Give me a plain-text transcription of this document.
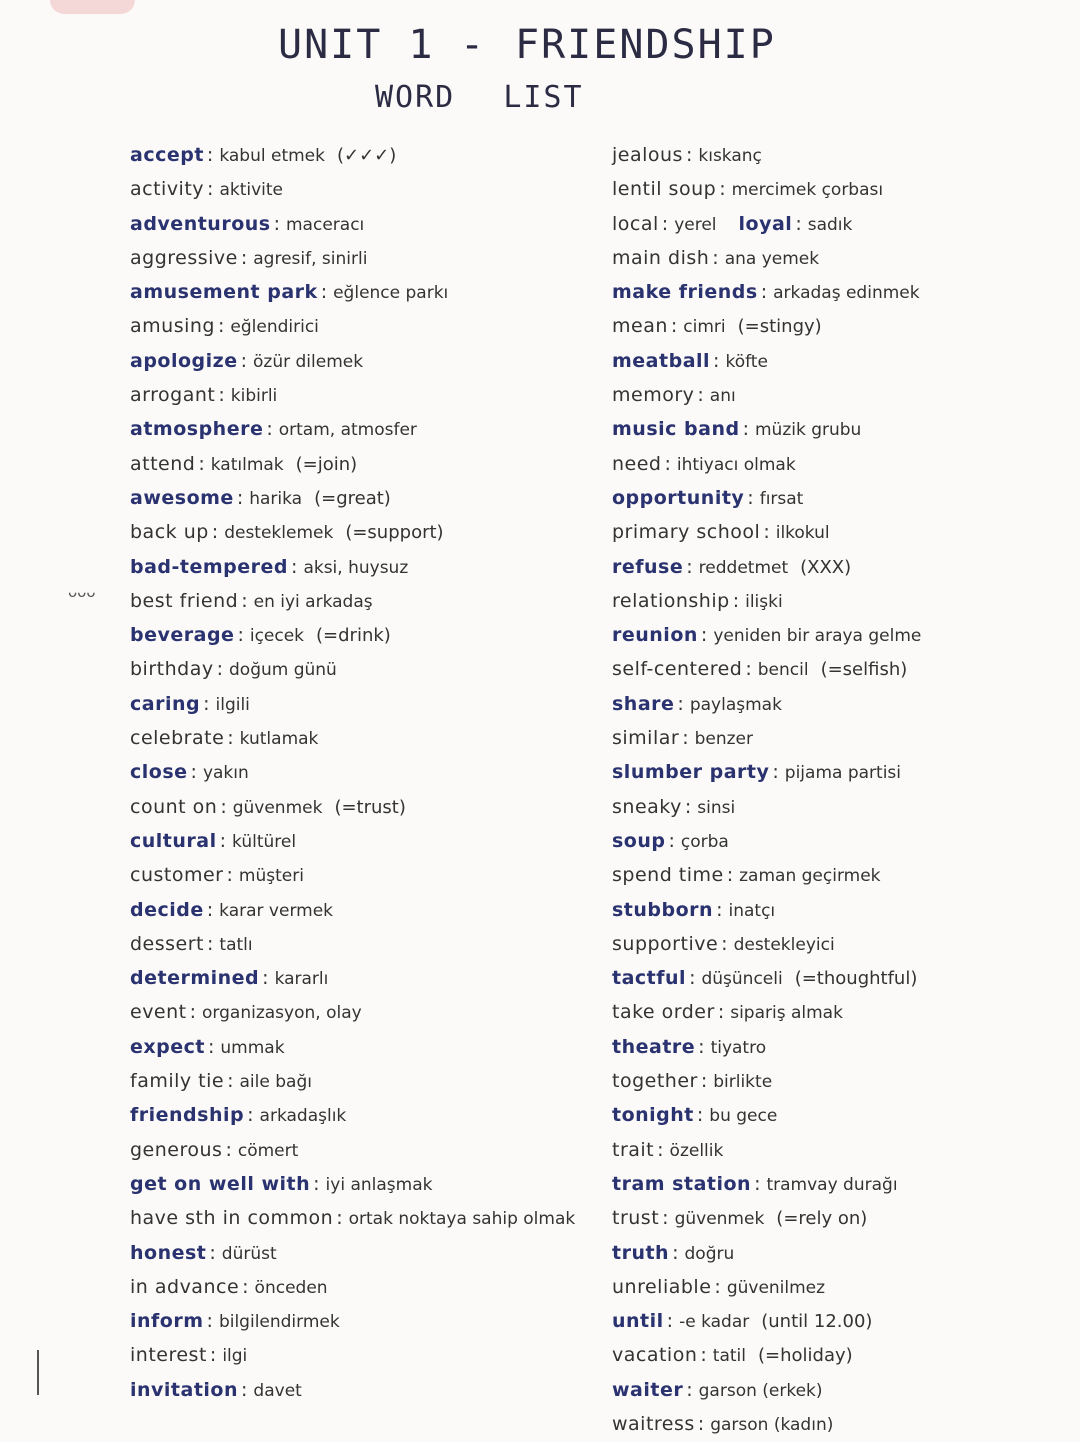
UNIT 1 - FRIENDSHIP
WORD LIST
ᴗᴗᴗ
accept : kabul etmek (✓✓✓)
activity : aktivite
adventurous : maceracı
aggressive : agresif, sinirli
amusement park : eğlence parkı
amusing : eğlendirici
apologize : özür dilemek
arrogant : kibirli
atmosphere : ortam, atmosfer
attend : katılmak (=join)
awesome : harika (=great)
back up : desteklemek (=support)
bad-tempered : aksi, huysuz
best friend : en iyi arkadaş
beverage : içecek (=drink)
birthday : doğum günü
caring : ilgili
celebrate : kutlamak
close : yakın
count on : güvenmek (=trust)
cultural : kültürel
customer : müşteri
decide : karar vermek
dessert : tatlı
determined : kararlı
event : organizasyon, olay
expect : ummak
family tie : aile bağı
friendship : arkadaşlık
generous : cömert
get on well with : iyi anlaşmak
have sth in common : ortak noktaya sahip olmak
honest : dürüst
in advance : önceden
inform : bilgilendirmek
interest : ilgi
invitation : davet
jealous : kıskanç
lentil soup : mercimek çorbası
local : yerel loyal : sadık
main dish : ana yemek
make friends : arkadaş edinmek
mean : cimri (=stingy)
meatball : köfte
memory : anı
music band : müzik grubu
need : ihtiyacı olmak
opportunity : fırsat
primary school : ilkokul
refuse : reddetmet (XXX)
relationship : ilişki
reunion : yeniden bir araya gelme
self-centered : bencil (=selfish)
share : paylaşmak
similar : benzer
slumber party : pijama partisi
sneaky : sinsi
soup : çorba
spend time : zaman geçirmek
stubborn : inatçı
supportive : destekleyici
tactful : düşünceli (=thoughtful)
take order : sipariş almak
theatre : tiyatro
together : birlikte
tonight : bu gece
trait : özellik
tram station : tramvay durağı
trust : güvenmek (=rely on)
truth : doğru
unreliable : güvenilmez
until : -e kadar (until 12.00)
vacation : tatil (=holiday)
waiter : garson (erkek)
waitress : garson (kadın)
